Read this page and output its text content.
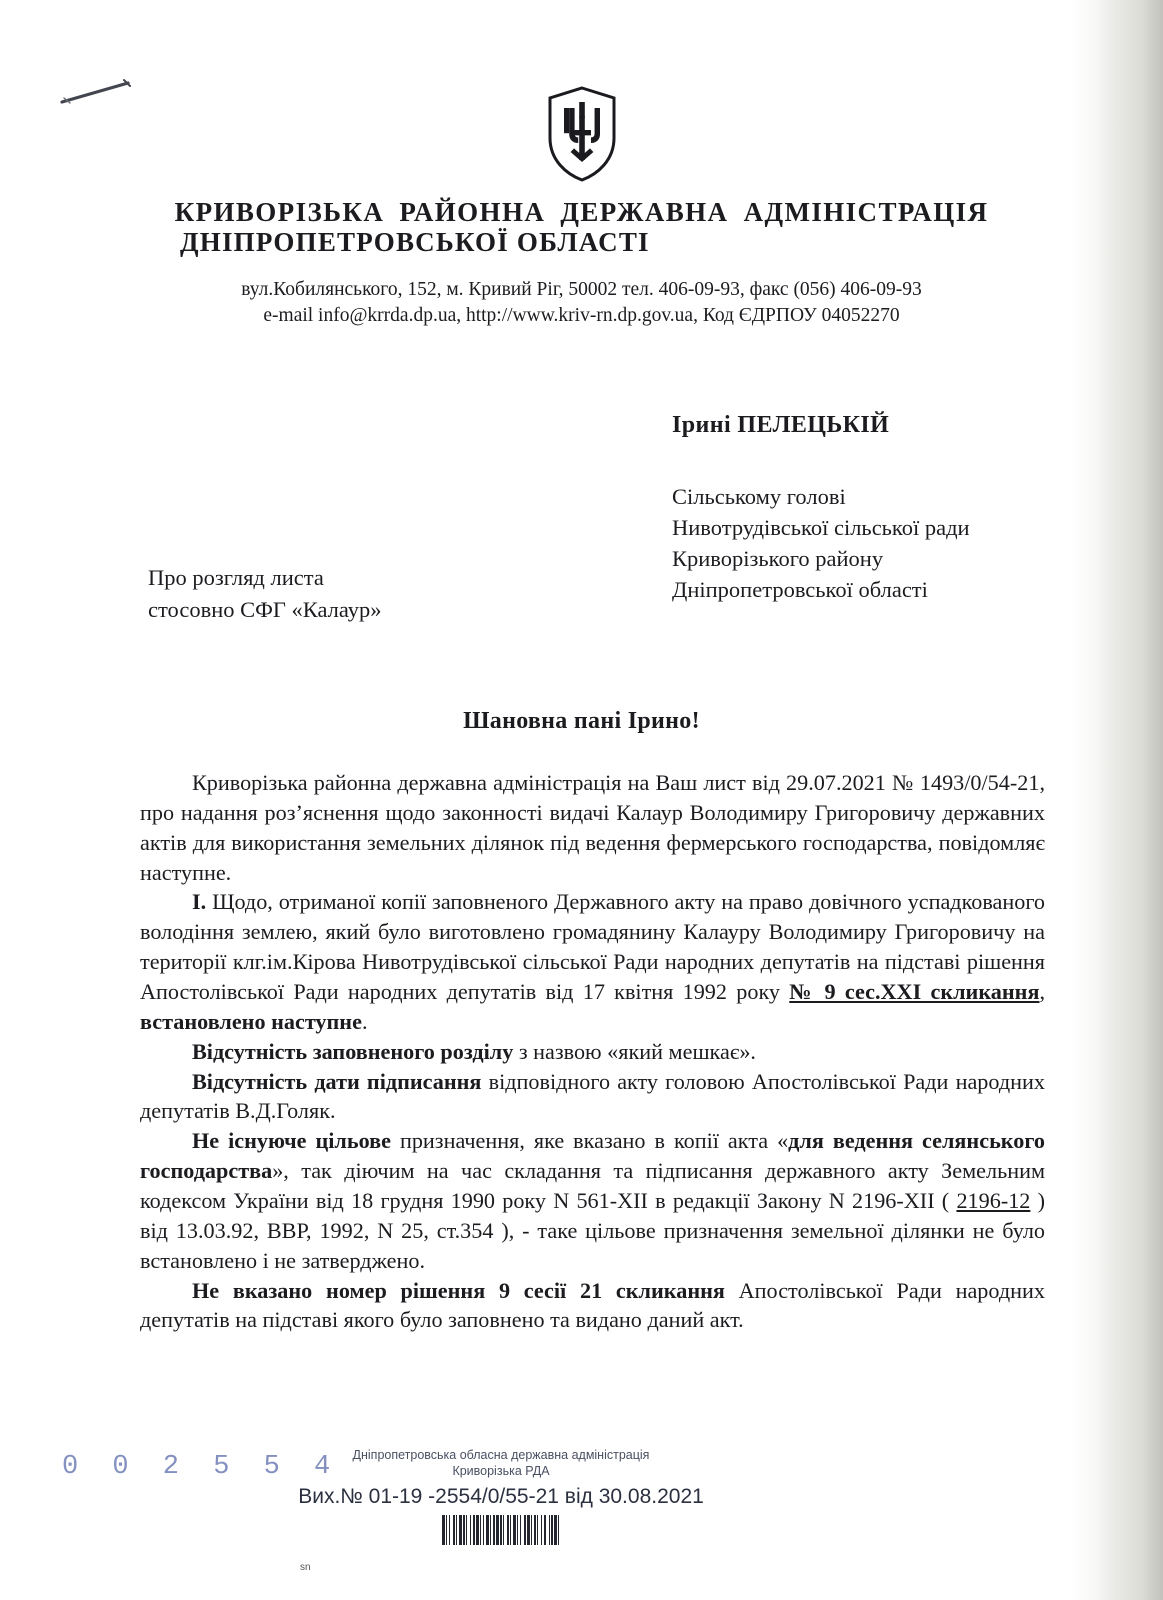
КРИВОРІЗЬКА РАЙОННА ДЕРЖАВНА АДМІНІСТРАЦІЯ
ДНІПРОПЕТРОВСЬКОЇ ОБЛАСТІ
вул.Кобилянського, 152, м. Кривий Ріг, 50002 тел. 406-09-93, факс (056) 406-09-93
e-mail info@krrda.dp.ua, http://www.kriv-rn.dp.gov.ua, Код ЄДРПОУ 04052270
Ірині ПЕЛЕЦЬКІЙ
Сільському голові
Нивотрудівської сільської ради
Криворізького району
Дніпропетровської області
Про розгляд листа
стосовно СФГ «Калаур»
Шановна пані Ірино!

Криворізька районна державна адміністрація на Ваш лист від 29.07.2021 № 1493/0/54-21, про надання роз’яснення щодо законності видачі Калаур Володимиру Григоровичу державних актів для використання земельних ділянок під ведення фермерського господарства, повідомляє наступне.

I. Щодо, отриманої копії заповненого Державного акту на право довічного успадкованого володіння землею, який було виготовлено громадянину Калауру Володимиру Григоровичу на території клг.ім.Кірова Нивотрудівської сільської Ради народних депутатів на підставі рішення Апостолівської Ради народних депутатів від 17 квітня 1992 року № 9 сес.XXI скликання, встановлено наступне.

Відсутність заповненого розділу з назвою «який мешкає».

Відсутність дати підписання відповідного акту головою Апостолівської Ради народних депутатів В.Д.Голяк.

Не існуюче цільове призначення, яке вказано в копії акта «для ведення селянського господарства», так діючим на час складання та підписання державного акту Земельним кодексом України від 18 грудня 1990 року N 561-XII в редакції Закону N 2196-XII ( 2196-12 ) від 13.03.92, ВВР, 1992, N 25, ст.354 ), - таке цільове призначення земельної ділянки не було встановлено і не затверджено.

Не вказано номер рішення 9 сесії 21 скликання Апостолівської Ради народних депутатів на підставі якого було заповнено та видано даний акт.

0 0 2 5 5 4	Дніпропетровська обласна державна адміністрація
Криворізька РДА
Вих.№ 01-19 -2554/0/55-21 від 30.08.2021
sn
